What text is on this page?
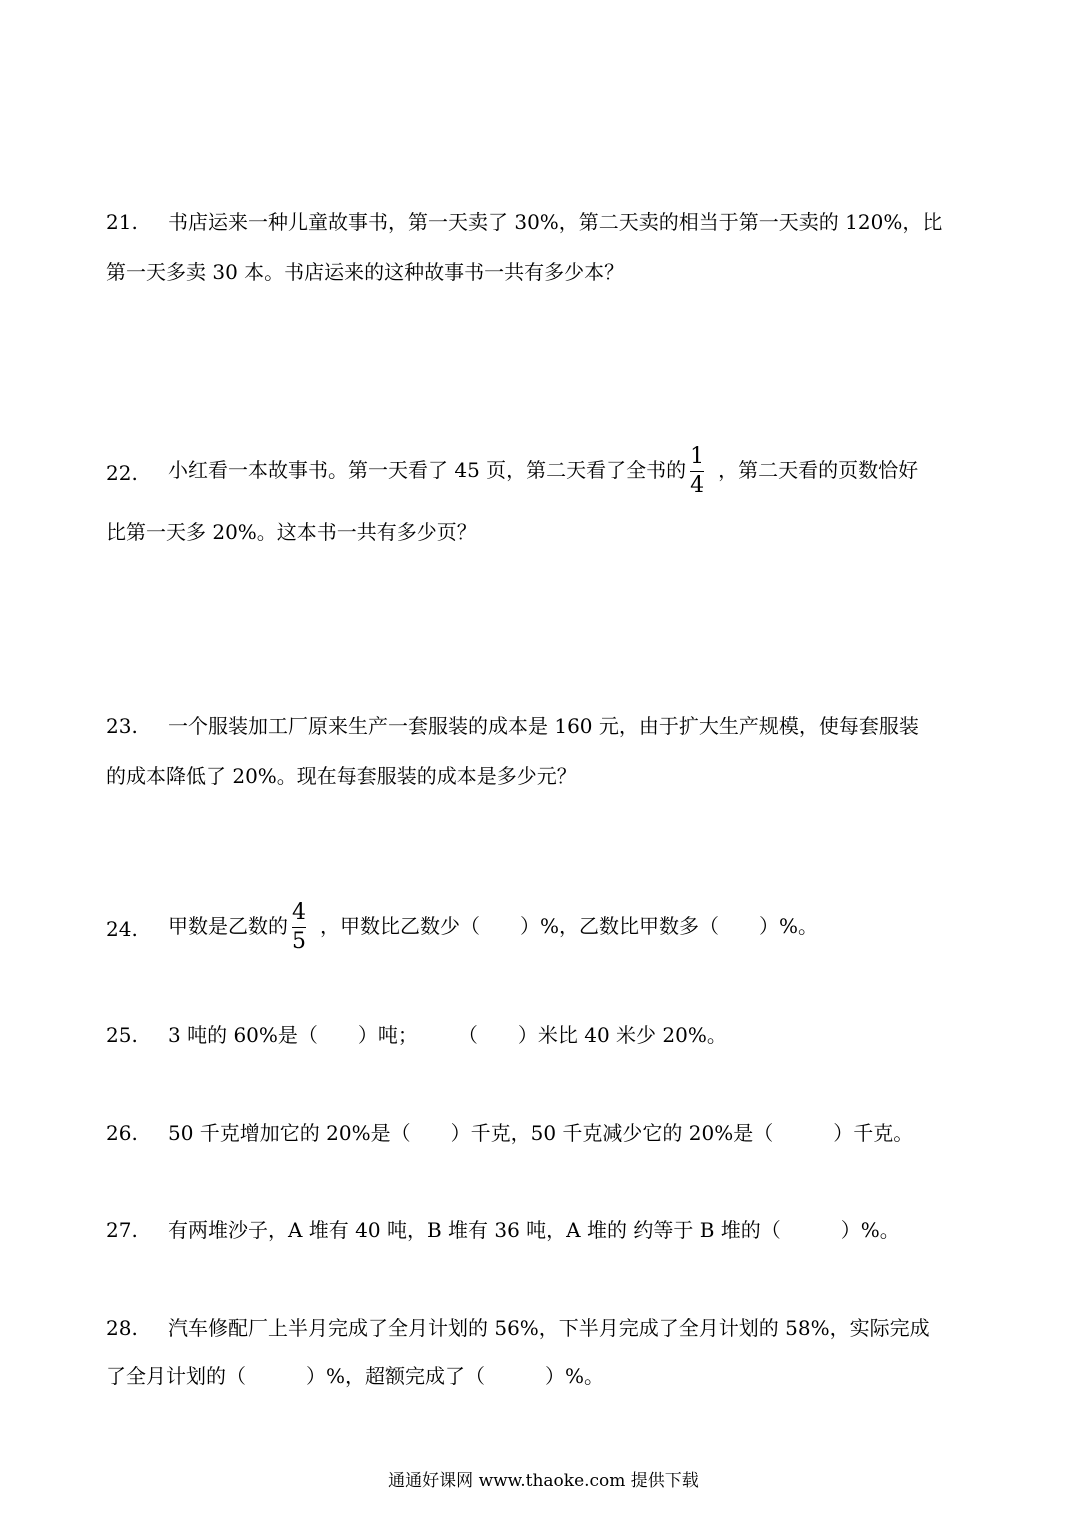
21.	书店运来一种儿童故事书，第一天卖了 30%，第二天卖的相当于第一天卖的 120%，比
第一天多卖 30 本。书店运来的这种故事书一共有多少本？
22.	小红看一本故事书。第一天看了 45 页，第二天看了全书的 $\frac{1}{4}$ ，第二天看的页数恰好
比第一天多 20%。这本书一共有多少页？
23.	一个服装加工厂原来生产一套服装的成本是 160 元，由于扩大生产规模，使每套服装
的成本降低了 20%。现在每套服装的成本是多少元？
24.	甲数是乙数的 $\frac{4}{5}$ ，甲数比乙数少（　　）%，乙数比甲数多（　　）%。
25.	3 吨的 60%是（　　）吨；　　　（　　）米比 40 米少 20%。
26.	50 千克增加它的 20%是（　　）千克，50 千克减少它的 20%是（　　　）千克。
27.	有两堆沙子，A 堆有 40 吨，B 堆有 36 吨，A 堆的 约等于 B 堆的（　　　）%。
28.	汽车修配厂上半月完成了全月计划的 56%，下半月完成了全月计划的 58%，实际完成
了全月计划的（　　　）%，超额完成了（　　　）%。
通通好课网 www.thaoke.com 提供下载
